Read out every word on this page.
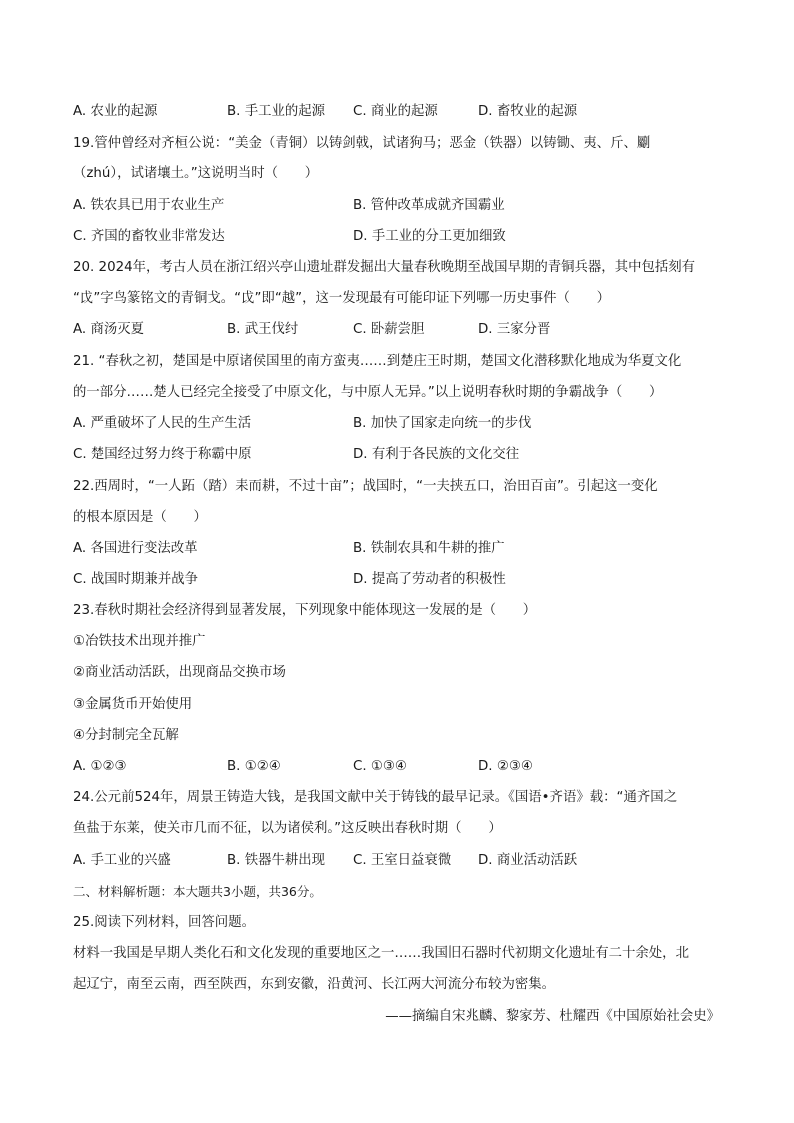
A. 农业的起源	B. 手工业的起源 C. 商业的起源	D. 畜牧业的起源
19.管仲曾经对齐桓公说：“美金（青铜）以铸剑戟，试诸狗马；恶金（铁器）以铸锄、夷、斤、劚
（zhú），试诸壤土。”这说明当时（　　）
A. 铁农具已用于农业生产	B. 管仲改革成就齐国霸业
C. 齐国的畜牧业非常发达	D. 手工业的分工更加细致
20. 2024年，考古人员在浙江绍兴亭山遗址群发掘出大量春秋晚期至战国早期的青铜兵器，其中包括刻有
“戉”字鸟篆铭文的青铜戈。“戉”即“越”，这一发现最有可能印证下列哪一历史事件（　　）
A. 商汤灭夏	B. 武王伐纣	C. 卧薪尝胆	D. 三家分晋
21. “春秋之初，楚国是中原诸侯国里的南方蛮夷……到楚庄王时期，楚国文化潜移默化地成为华夏文化
的一部分……楚人已经完全接受了中原文化，与中原人无异。”以上说明春秋时期的争霸战争（　　）
A. 严重破坏了人民的生产生活	B. 加快了国家走向统一的步伐
C. 楚国经过努力终于称霸中原	D. 有利于各民族的文化交往
22.西周时，“一人跖（踏）耒而耕，不过十亩”；战国时，“一夫挟五口，治田百亩”。引起这一变化
的根本原因是（　　）
A. 各国进行变法改革	B. 铁制农具和牛耕的推广
C. 战国时期兼并战争	D. 提高了劳动者的积极性
23.春秋时期社会经济得到显著发展，下列现象中能体现这一发展的是（　　）
①冶铁技术出现并推广
②商业活动活跃，出现商品交换市场
③金属货币开始使用
④分封制完全瓦解
A. ①②③	B. ①②④	C. ①③④	D. ②③④
24.公元前524年，周景王铸造大钱，是我国文献中关于铸钱的最早记录。《国语•齐语》载：“通齐国之
鱼盐于东莱，使关市几而不征，以为诸侯利。”这反映出春秋时期（　　）
A. 手工业的兴盛	B. 铁器牛耕出现 C. 王室日益衰微 D. 商业活动活跃
二、材料解析题：本大题共3小题，共36分。
25.阅读下列材料，回答问题。
材料一我国是早期人类化石和文化发现的重要地区之一……我国旧石器时代初期文化遗址有二十余处，北
起辽宁，南至云南，西至陕西，东到安徽，沿黄河、长江两大河流分布较为密集。
——摘编自宋兆麟、黎家芳、杜耀西《中国原始社会史》
